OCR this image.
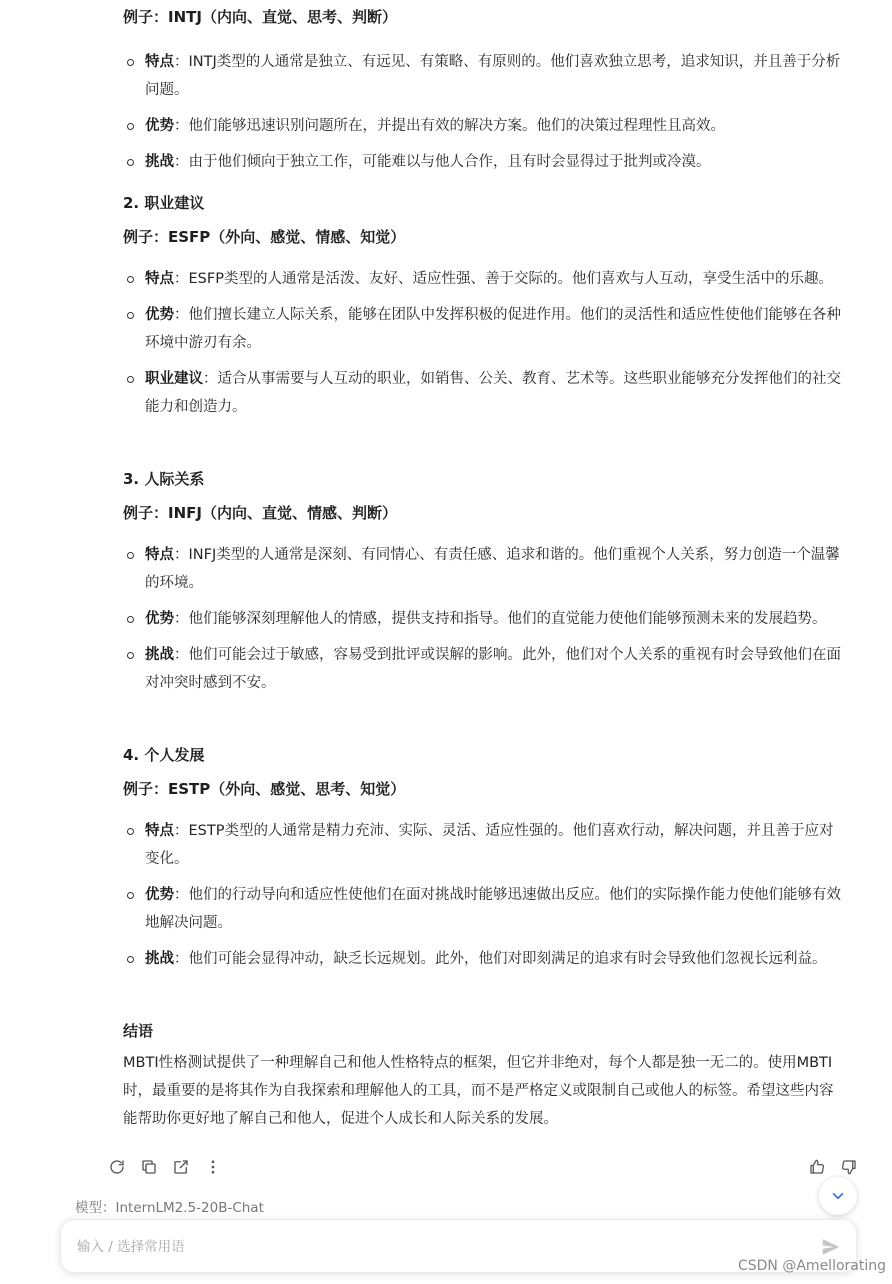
例子：INTJ（内向、直觉、思考、判断）

特点：INTJ类型的人通常是独立、有远见、有策略、有原则的。他们喜欢独立思考，追求知识，并且善于分析问题。
优势：他们能够迅速识别问题所在，并提出有效的解决方案。他们的决策过程理性且高效。
挑战：由于他们倾向于独立工作，可能难以与他人合作，且有时会显得过于批判或冷漠。

2. 职业建议

例子：ESFP（外向、感觉、情感、知觉）

特点：ESFP类型的人通常是活泼、友好、适应性强、善于交际的。他们喜欢与人互动，享受生活中的乐趣。
优势：他们擅长建立人际关系，能够在团队中发挥积极的促进作用。他们的灵活性和适应性使他们能够在各种环境中游刃有余。
职业建议：适合从事需要与人互动的职业，如销售、公关、教育、艺术等。这些职业能够充分发挥他们的社交能力和创造力。

3. 人际关系

例子：INFJ（内向、直觉、情感、判断）

特点：INFJ类型的人通常是深刻、有同情心、有责任感、追求和谐的。他们重视个人关系，努力创造一个温馨的环境。
优势：他们能够深刻理解他人的情感，提供支持和指导。他们的直觉能力使他们能够预测未来的发展趋势。
挑战：他们可能会过于敏感，容易受到批评或误解的影响。此外，他们对个人关系的重视有时会导致他们在面对冲突时感到不安。

4. 个人发展

例子：ESTP（外向、感觉、思考、知觉）

特点：ESTP类型的人通常是精力充沛、实际、灵活、适应性强的。他们喜欢行动，解决问题，并且善于应对变化。
优势：他们的行动导向和适应性使他们在面对挑战时能够迅速做出反应。他们的实际操作能力使他们能够有效地解决问题。
挑战：他们可能会显得冲动，缺乏长远规划。此外，他们对即刻满足的追求有时会导致他们忽视长远利益。

结语

MBTI性格测试提供了一种理解自己和他人性格特点的框架，但它并非绝对，每个人都是独一无二的。使用MBTI时，最重要的是将其作为自我探索和理解他人的工具，而不是严格定义或限制自己或他人的标签。希望这些内容能帮助你更好地了解自己和他人，促进个人成长和人际关系的发展。

模型：InternLM2.5-20B-Chat
输入 / 选择常用语
CSDN @Amellorating
